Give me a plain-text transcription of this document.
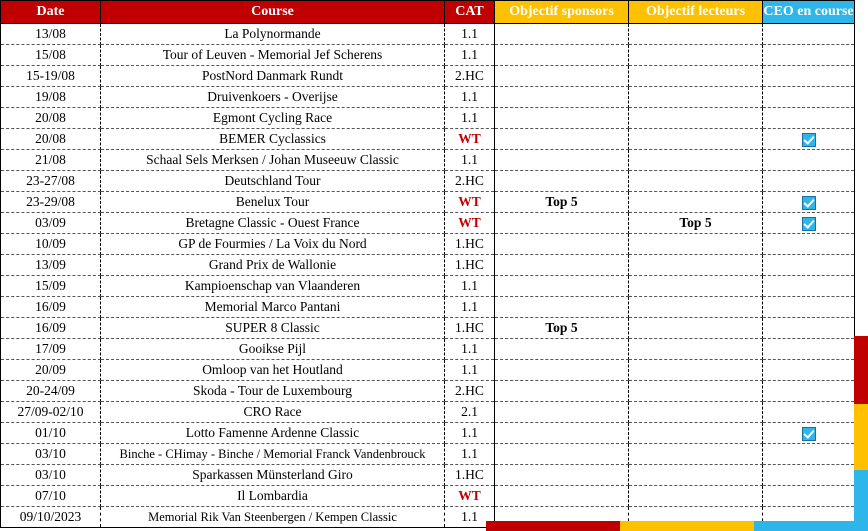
Date	Course	CAT	Objectif sponsors	Objectif lecteurs	CEO en course
13/08	La Polynormande	1.1			
15/08	Tour of Leuven - Memorial Jef Scherens	1.1			
15-19/08	PostNord Danmark Rundt	2.HC			
19/08	Druivenkoers - Overijse	1.1			
20/08	Egmont Cycling Race	1.1			
20/08	BEMER Cyclassics	WT			
21/08	Schaal Sels Merksen / Johan Museeuw Classic	1.1			
23-27/08	Deutschland Tour	2.HC			
23-29/08	Benelux Tour	WT	Top 5		
03/09	Bretagne Classic - Ouest France	WT		Top 5	
10/09	GP de Fourmies / La Voix du Nord	1.HC			
13/09	Grand Prix de Wallonie	1.HC			
15/09	Kampioenschap van Vlaanderen	1.1			
16/09	Memorial Marco Pantani	1.1			
16/09	SUPER 8 Classic	1.HC	Top 5		
17/09	Gooikse Pijl	1.1			
20/09	Omloop van het Houtland	1.1			
20-24/09	Skoda - Tour de Luxembourg	2.HC			
27/09-02/10	CRO Race	2.1			
01/10	Lotto Famenne Ardenne Classic	1.1			
03/10	Binche - CHimay - Binche / Memorial Franck Vandenbrouck	1.1			
03/10	Sparkassen Münsterland Giro	1.HC			
07/10	Il Lombardia	WT			
09/10/2023	Memorial Rik Van Steenbergen / Kempen Classic	1.1			
